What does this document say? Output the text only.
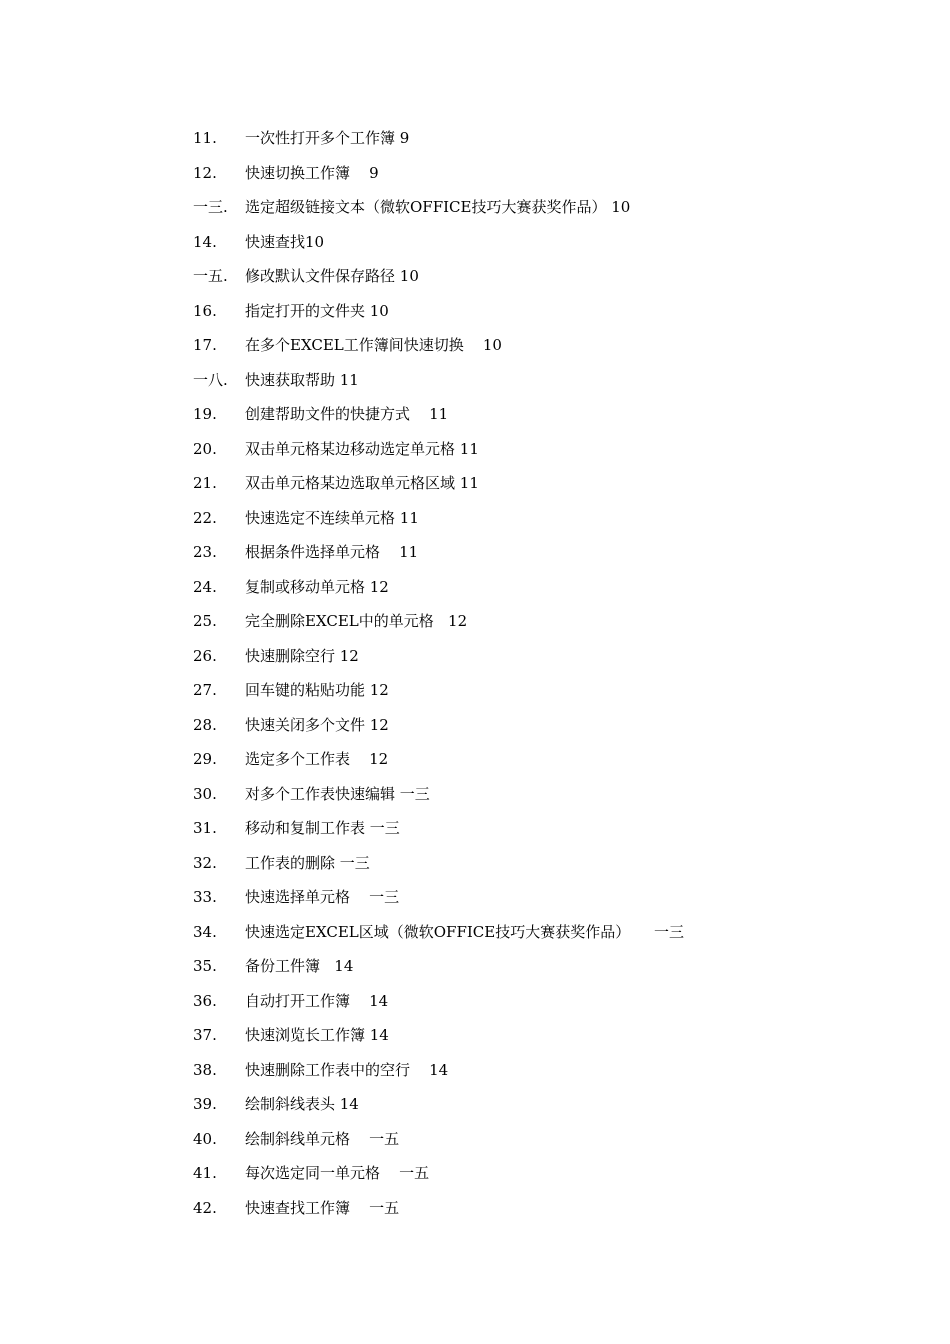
11.	一次性打开多个工作簿 9
12.	快速切换工作簿    9
一三.	选定超级链接文本（微软OFFICE技巧大赛获奖作品） 10
14.	快速查找10
一五.	修改默认文件保存路径 10
16.	指定打开的文件夹 10
17.	在多个EXCEL工作簿间快速切换    10
一八.	快速获取帮助 11
19.	创建帮助文件的快捷方式    11
20.	双击单元格某边移动选定单元格 11
21.	双击单元格某边选取单元格区域 11
22.	快速选定不连续单元格 11
23.	根据条件选择单元格    11
24.	复制或移动单元格 12
25.	完全删除EXCEL中的单元格   12
26.	快速删除空行 12
27.	回车键的粘贴功能 12
28.	快速关闭多个文件 12
29.	选定多个工作表    12
30.	对多个工作表快速编辑 一三
31.	移动和复制工作表 一三
32.	工作表的删除 一三
33.	快速选择单元格    一三
34.	快速选定EXCEL区域（微软OFFICE技巧大赛获奖作品）     一三
35.	备份工件簿   14
36.	自动打开工作簿    14
37.	快速浏览长工作簿 14
38.	快速删除工作表中的空行    14
39.	绘制斜线表头 14
40.	绘制斜线单元格    一五
41.	每次选定同一单元格    一五
42.	快速查找工作簿    一五
